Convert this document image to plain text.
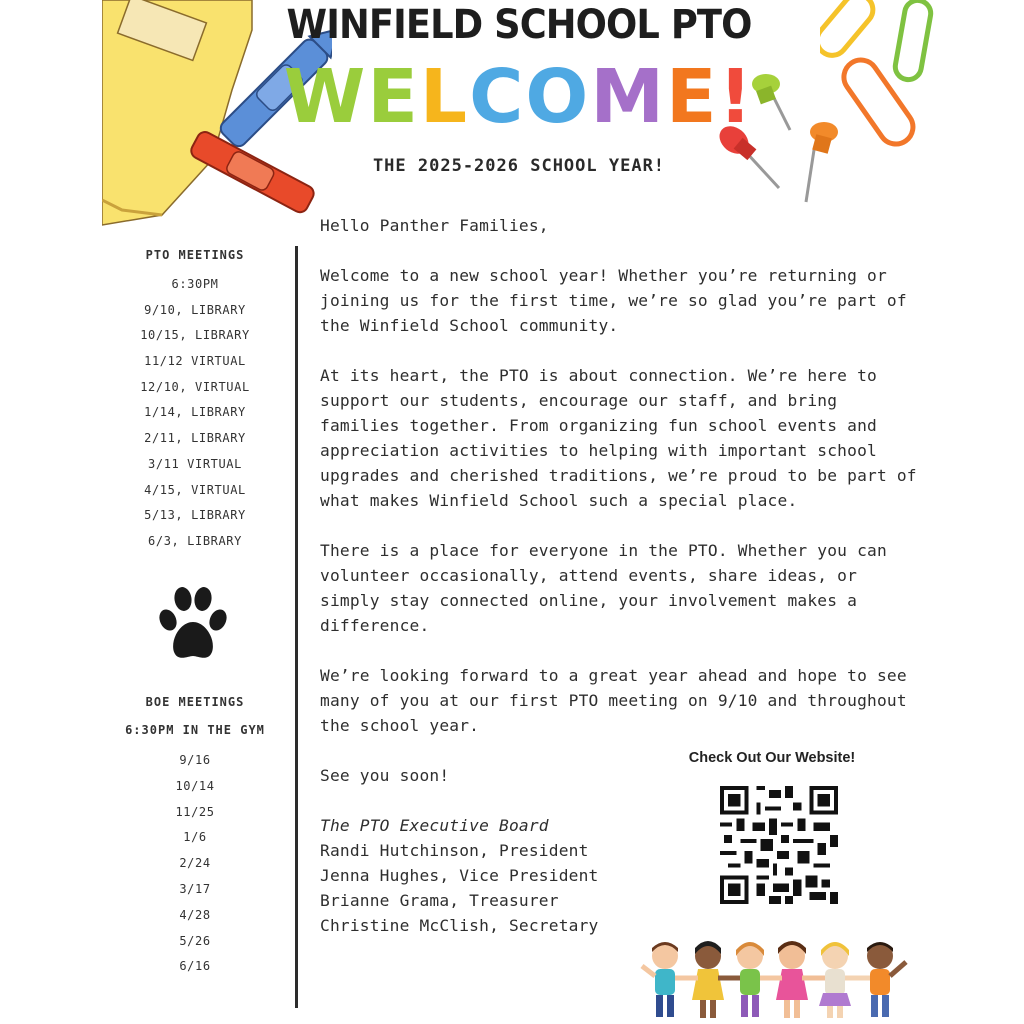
WINFIELD SCHOOL PTO
WELCOME!
THE 2025-2026 SCHOOL YEAR!
PTO MEETINGS
6:30PM
9/10, LIBRARY
10/15, LIBRARY
11/12 VIRTUAL
12/10, VIRTUAL
1/14, LIBRARY
2/11, LIBRARY
3/11 VIRTUAL
4/15, VIRTUAL
5/13, LIBRARY
6/3, LIBRARY
BOE MEETINGS
6:30PM IN THE GYM
9/16
10/14
11/25
1/6
2/24
3/17
4/28
5/26
6/16

Hello Panther Families,

Welcome to a new school year! Whether you’re returning or joining us for the first time, we’re so glad you’re part of the Winfield School community.

At its heart, the PTO is about connection. We’re here to support our students, encourage our staff, and bring families together. From organizing fun school events and appreciation activities to helping with important school upgrades and cherished traditions, we’re proud to be part of what makes Winfield School such a special place.

There is a place for everyone in the PTO. Whether you can volunteer occasionally, attend events, share ideas, or simply stay connected online, your involvement makes a difference.

We’re looking forward to a great year ahead and hope to see many of you at our first PTO meeting on 9/10 and throughout the school year.

See you soon!

The PTO Executive Board

Randi Hutchinson, President

Jenna Hughes, Vice President

Brianne Grama, Treasurer

Christine McClish, Secretary

Check Out Our Website!
